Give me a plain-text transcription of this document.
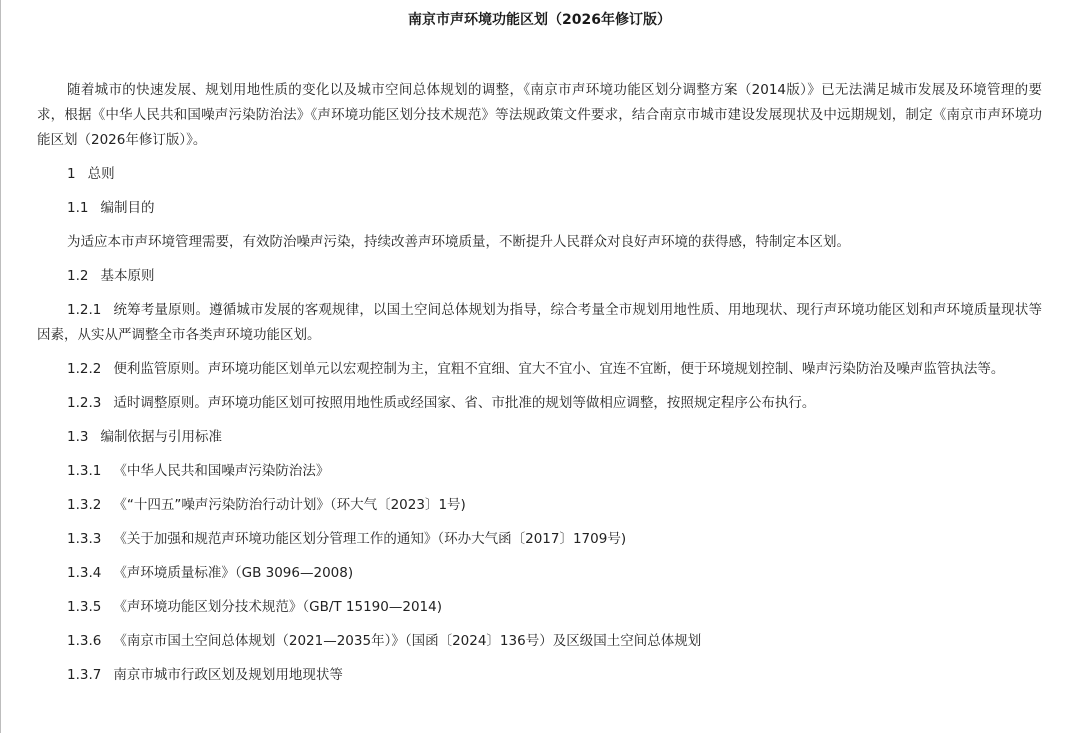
南京市声环境功能区划（2026年修订版）

随着城市的快速发展、规划用地性质的变化以及城市空间总体规划的调整，《南京市声环境功能区划分调整方案（2014版）》已无法满足城市发展及环境管理的要求，根据《中华人民共和国噪声污染防治法》《声环境功能区划分技术规范》等法规政策文件要求，结合南京市城市建设发展现状及中远期规划，制定《南京市声环境功能区划（2026年修订版）》。

1 总则

1.1 编制目的

为适应本市声环境管理需要，有效防治噪声污染，持续改善声环境质量，不断提升人民群众对良好声环境的获得感，特制定本区划。

1.2 基本原则

1.2.1 统筹考量原则。遵循城市发展的客观规律，以国土空间总体规划为指导，综合考量全市规划用地性质、用地现状、现行声环境功能区划和声环境质量现状等因素，从实从严调整全市各类声环境功能区划。

1.2.2 便利监管原则。声环境功能区划单元以宏观控制为主，宜粗不宜细、宜大不宜小、宜连不宜断，便于环境规划控制、噪声污染防治及噪声监管执法等。

1.2.3 适时调整原则。声环境功能区划可按照用地性质或经国家、省、市批准的规划等做相应调整，按照规定程序公布执行。

1.3 编制依据与引用标准

1.3.1 《中华人民共和国噪声污染防治法》

1.3.2 《“十四五”噪声污染防治行动计划》（环大气〔2023〕1号)

1.3.3 《关于加强和规范声环境功能区划分管理工作的通知》（环办大气函〔2017〕1709号)

1.3.4 《声环境质量标准》（GB 3096—2008)

1.3.5 《声环境功能区划分技术规范》（GB/T 15190—2014)

1.3.6 《南京市国土空间总体规划（2021—2035年）》（国函〔2024〕136号）及区级国土空间总体规划

1.3.7 南京市城市行政区划及规划用地现状等
